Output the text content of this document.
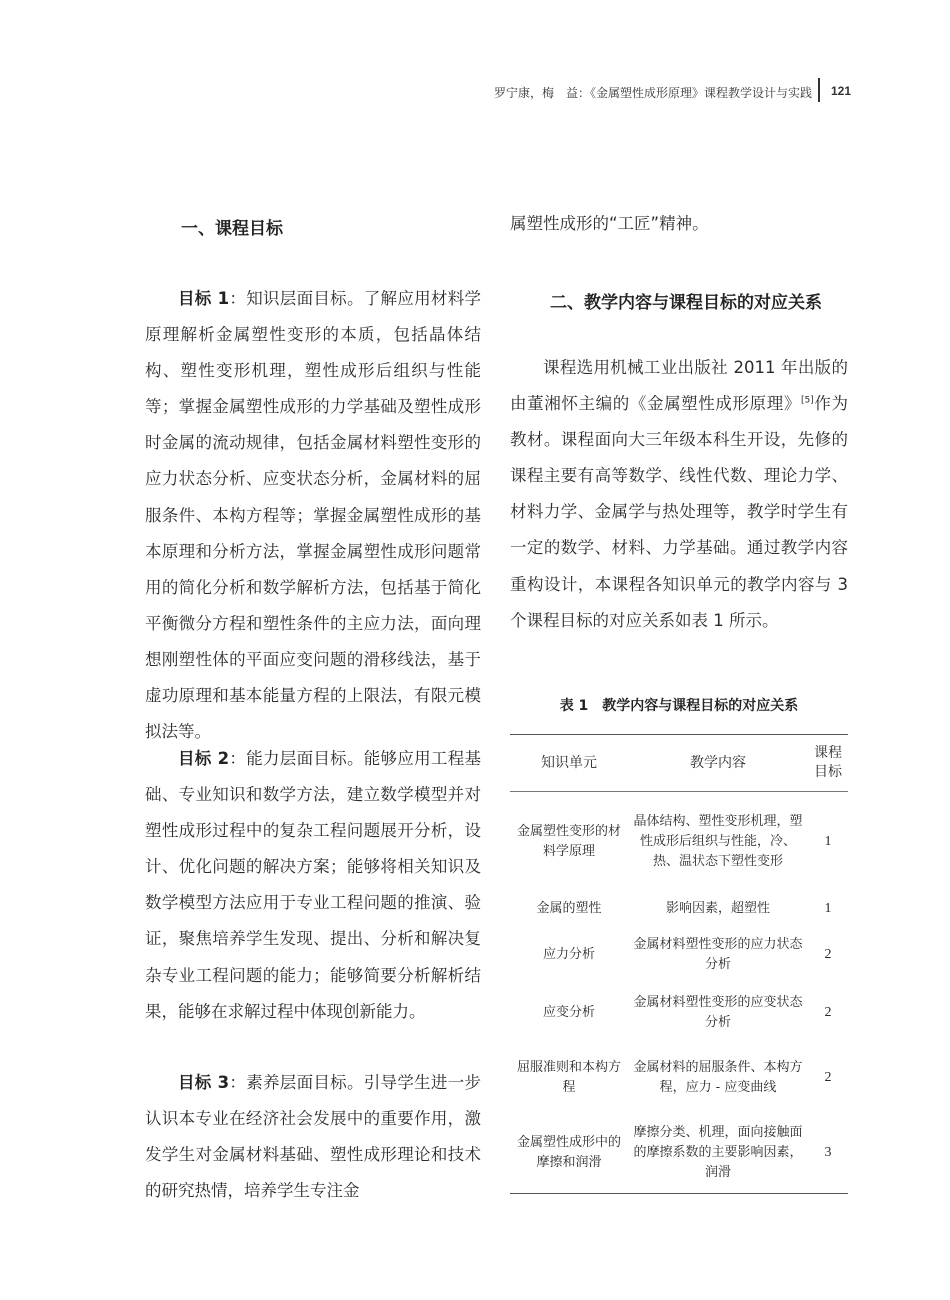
罗宁康，梅　益：《金属塑性成形原理》课程教学设计与实践 121
一、课程目标
目标 1：知识层面目标。了解应用材料学原理解析金属塑性变形的本质，包括晶体结构、塑性变形机理，塑性成形后组织与性能等；掌握金属塑性成形的力学基础及塑性成形时金属的流动规律，包括金属材料塑性变形的应力状态分析、应变状态分析，金属材料的屈服条件、本构方程等；掌握金属塑性成形的基本原理和分析方法，掌握金属塑性成形问题常用的简化分析和数学解析方法，包括基于简化平衡微分方程和塑性条件的主应力法，面向理想刚塑性体的平面应变问题的滑移线法，基于虚功原理和基本能量方程的上限法，有限元模拟法等。
目标 2：能力层面目标。能够应用工程基础、专业知识和数学方法，建立数学模型并对塑性成形过程中的复杂工程问题展开分析，设计、优化问题的解决方案；能够将相关知识及数学模型方法应用于专业工程问题的推演、验证，聚焦培养学生发现、提出、分析和解决复杂专业工程问题的能力；能够简要分析解析结果，能够在求解过程中体现创新能力。
目标 3：素养层面目标。引导学生进一步认识本专业在经济社会发展中的重要作用，激发学生对金属材料基础、塑性成形理论和技术的研究热情，培养学生专注金
属塑性成形的“工匠”精神。
二、教学内容与课程目标的对应关系
课程选用机械工业出版社 2011 年出版的由董湘怀主编的《金属塑性成形原理》[5]作为教材。课程面向大三年级本科生开设，先修的课程主要有高等数学、线性代数、理论力学、材料力学、金属学与热处理等，教学时学生有一定的数学、材料、力学基础。通过教学内容重构设计，本课程各知识单元的教学内容与 3 个课程目标的对应关系如表 1 所示。
表 1　教学内容与课程目标的对应关系
知识单元	教学内容	课程
目标
金属塑性变形的材料学原理	晶体结构、塑性变形机理，塑性成形后组织与性能，冷、热、温状态下塑性变形	1
金属的塑性	影响因素，超塑性	1
应力分析	金属材料塑性变形的应力状态分析	2
应变分析	金属材料塑性变形的应变状态分析	2
屈服准则和本构方程	金属材料的屈服条件、本构方程，应力 - 应变曲线	2
金属塑性成形中的摩擦和润滑	摩擦分类、机理，面向接触面的摩擦系数的主要影响因素，润滑	3
